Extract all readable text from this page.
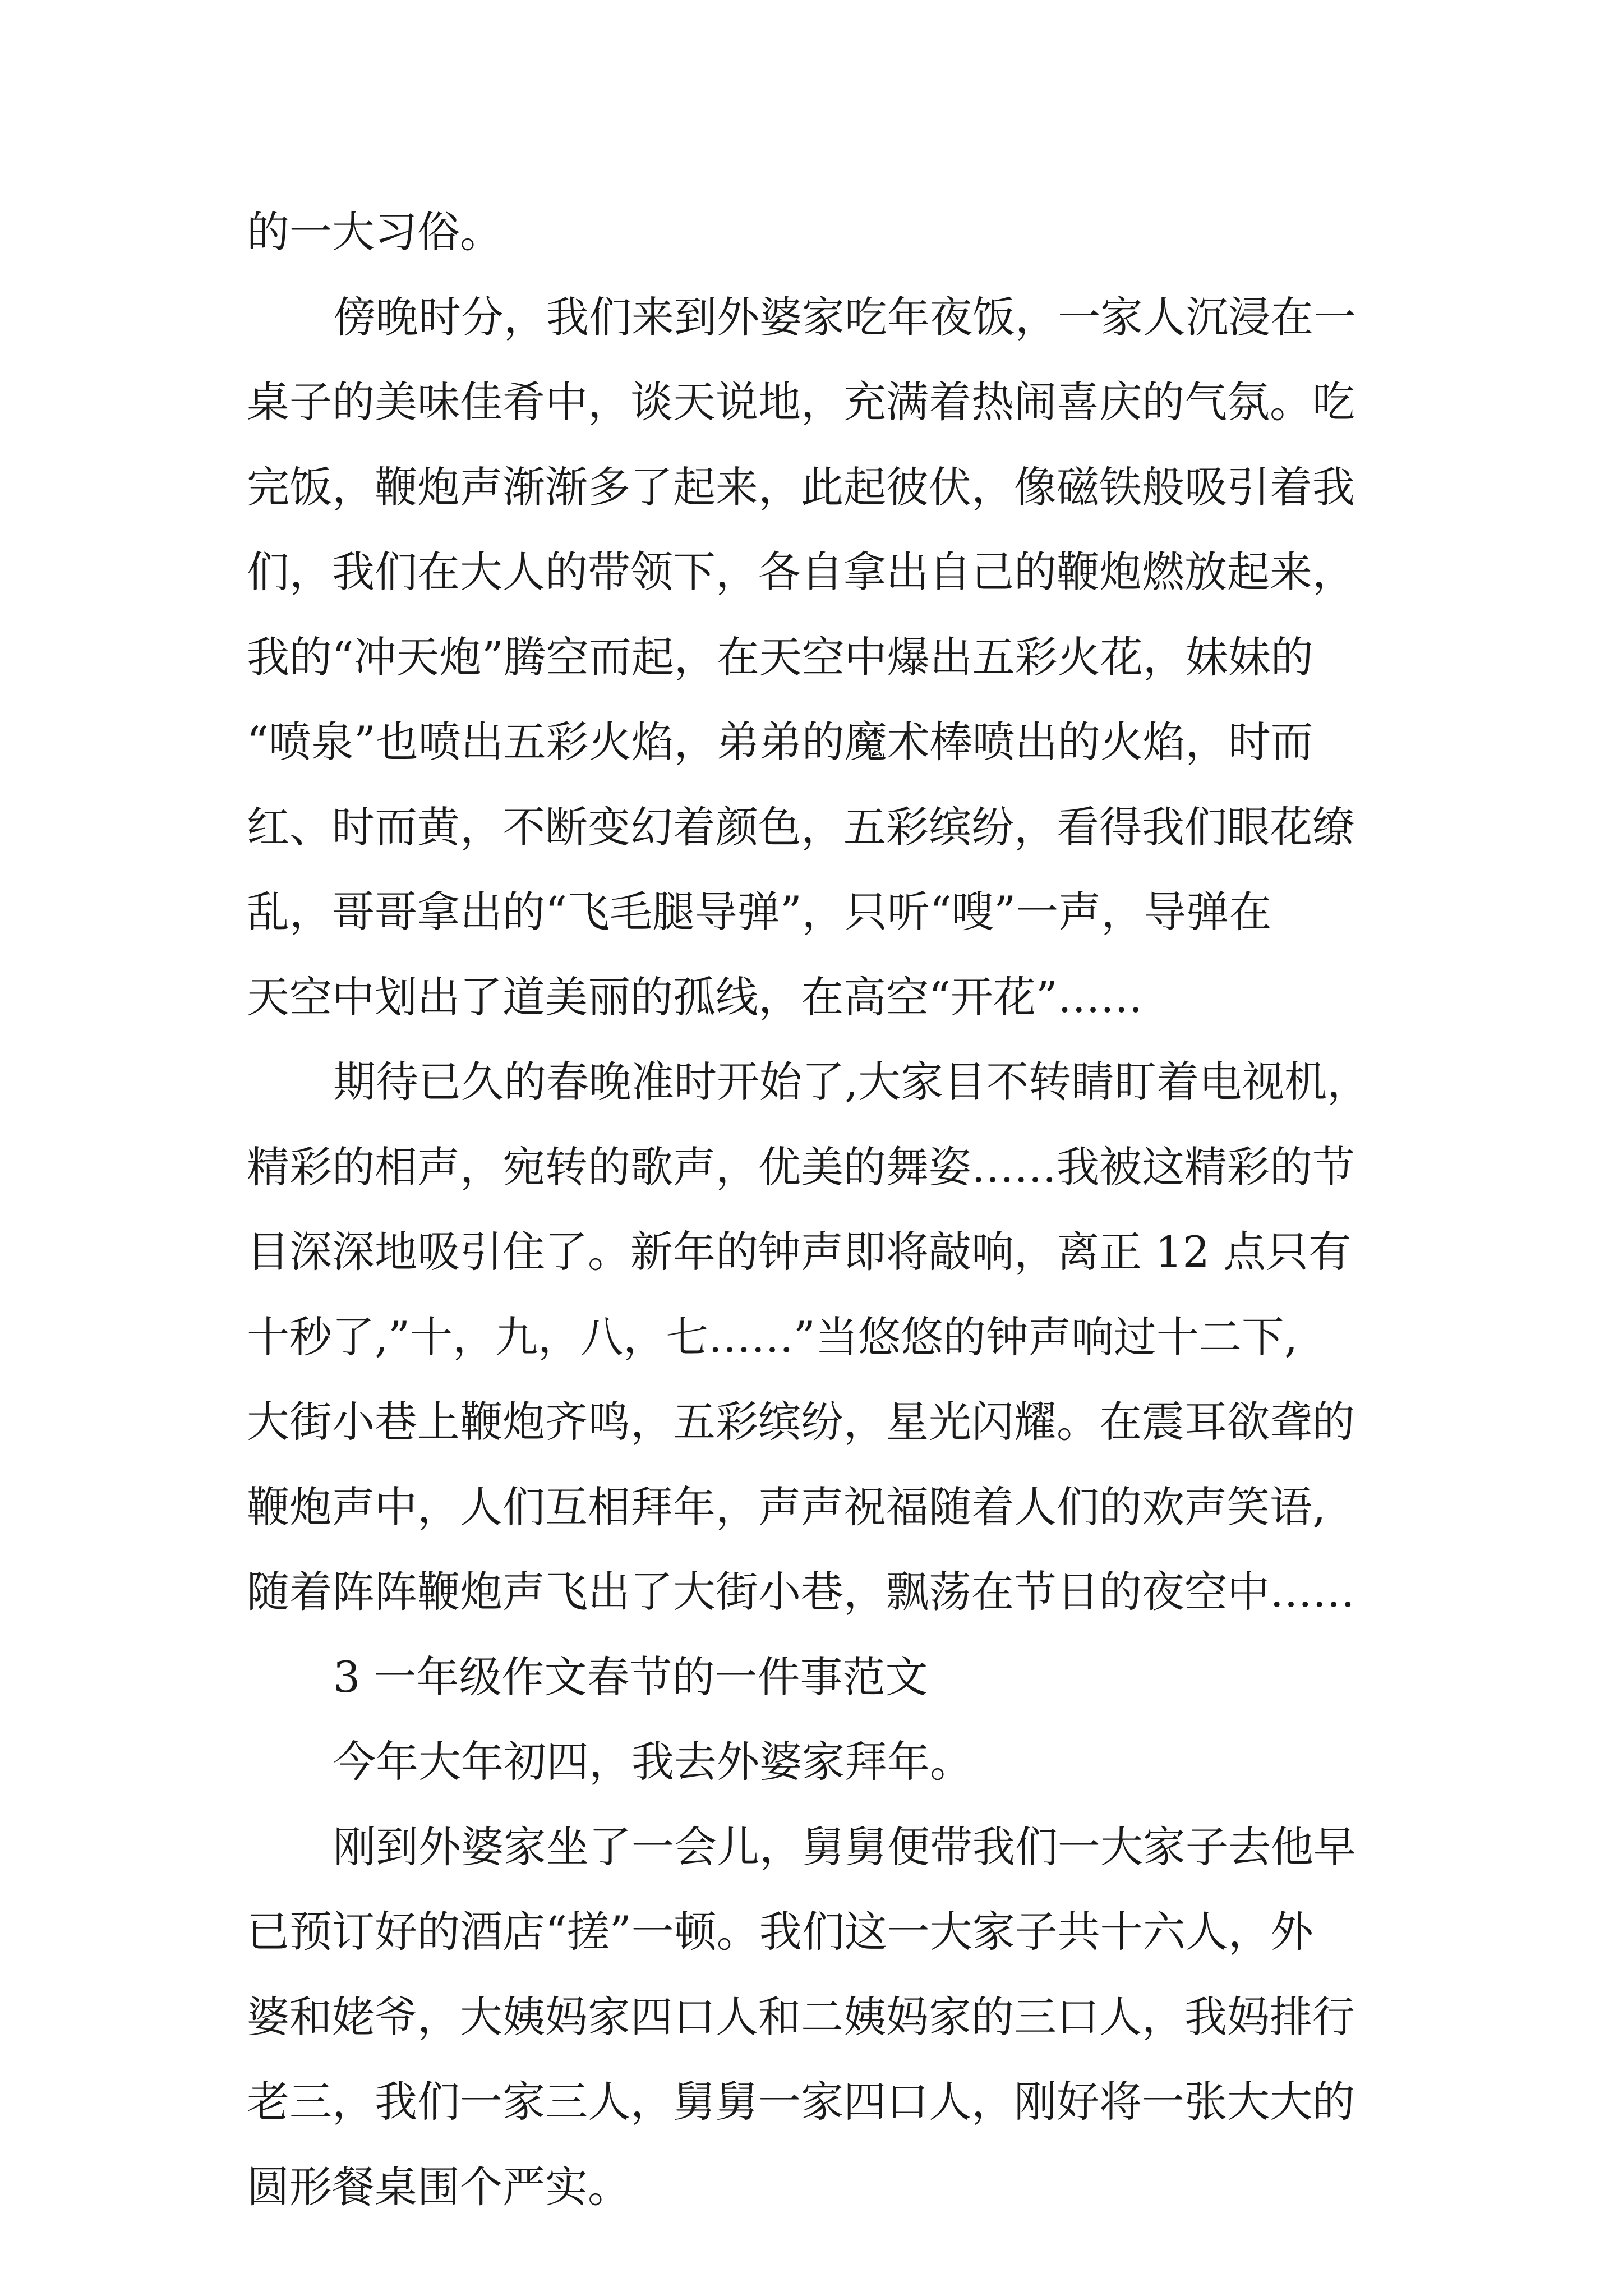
的一大习俗。

傍晚时分，我们来到外婆家吃年夜饭，一家人沉浸在一

桌子的美味佳肴中，谈天说地，充满着热闹喜庆的气氛。吃

完饭，鞭炮声渐渐多了起来，此起彼伏，像磁铁般吸引着我

们，我们在大人的带领下，各自拿出自己的鞭炮燃放起来，

我的“冲天炮”腾空而起，在天空中爆出五彩火花，妹妹的

“喷泉”也喷出五彩火焰，弟弟的魔术棒喷出的火焰，时而

红、时而黄，不断变幻着颜色，五彩缤纷，看得我们眼花缭

乱，哥哥拿出的“飞毛腿导弹”，只听“嗖”一声，导弹在

天空中划出了道美丽的孤线，在高空“开花”……

期待已久的春晚准时开始了,大家目不转睛盯着电视机，

精彩的相声，宛转的歌声，优美的舞姿……我被这精彩的节

目深深地吸引住了。新年的钟声即将敲响，离正 12 点只有

十秒了,”十，九，八，七……”当悠悠的钟声响过十二下,

大街小巷上鞭炮齐鸣，五彩缤纷，星光闪耀。在震耳欲聋的

鞭炮声中，人们互相拜年，声声祝福随着人们的欢声笑语,

随着阵阵鞭炮声飞出了大街小巷，飘荡在节日的夜空中……

3 一年级作文春节的一件事范文

今年大年初四，我去外婆家拜年。

刚到外婆家坐了一会儿，舅舅便带我们一大家子去他早

已预订好的酒店“搓”一顿。我们这一大家子共十六人，外

婆和姥爷，大姨妈家四口人和二姨妈家的三口人，我妈排行

老三，我们一家三人，舅舅一家四口人，刚好将一张大大的

圆形餐桌围个严实。
